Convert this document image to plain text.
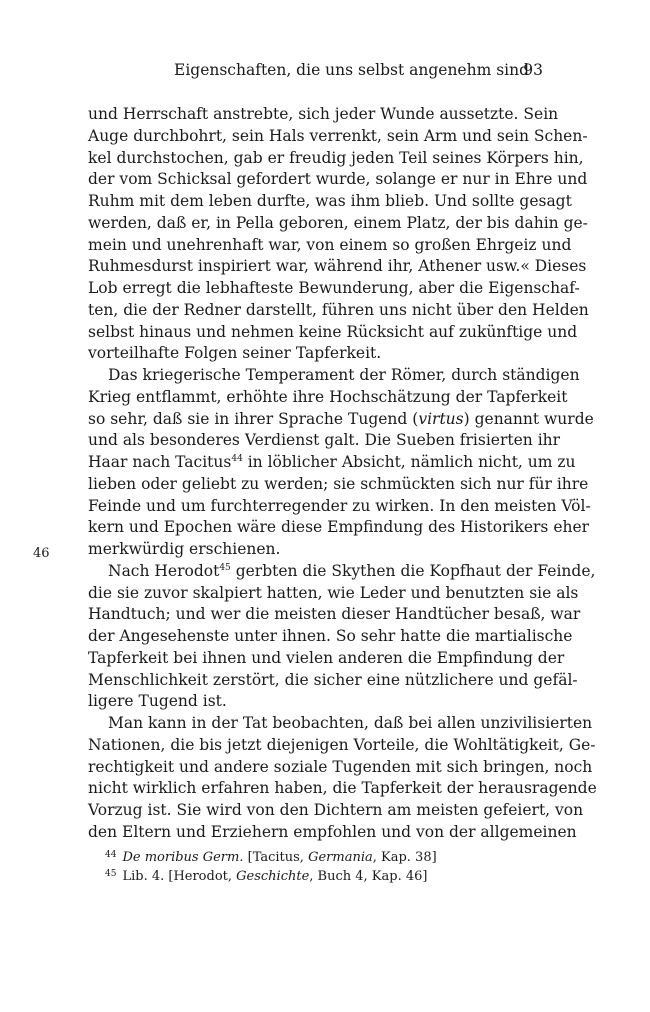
Eigenschaften, die uns selbst angenehm sind
93
46

und Herrschaft anstrebte, sich jeder Wunde aussetzte. Sein
Auge durchbohrt, sein Hals verrenkt, sein Arm und sein Schen-
kel durchstochen, gab er freudig jeden Teil seines Körpers hin,
der vom Schicksal gefordert wurde, solange er nur in Ehre und
Ruhm mit dem leben durfte, was ihm blieb. Und sollte gesagt
werden, daß er, in Pella geboren, einem Platz, der bis dahin ge-
mein und unehrenhaft war, von einem so großen Ehrgeiz und
Ruhmesdurst inspiriert war, während ihr, Athener usw.« Dieses
Lob erregt die lebhafteste Bewunderung, aber die Eigenschaf-
ten, die der Redner darstellt, führen uns nicht über den Helden
selbst hinaus und nehmen keine Rücksicht auf zukünftige und
vorteilhafte Folgen seiner Tapferkeit.

Das kriegerische Temperament der Römer, durch ständigen
Krieg entflammt, erhöhte ihre Hochschätzung der Tapferkeit
so sehr, daß sie in ihrer Sprache Tugend (virtus) genannt wurde
und als besonderes Verdienst galt. Die Sueben frisierten ihr
Haar nach Tacitus$^{44}$ in löblicher Absicht, nämlich nicht, um zu
lieben oder geliebt zu werden; sie schmückten sich nur für ihre
Feinde und um furchterregender zu wirken. In den meisten Völ-
kern und Epochen wäre diese Empfindung des Historikers eher
merkwürdig erschienen.

Nach Herodot$^{45}$ gerbten die Skythen die Kopfhaut der Feinde,
die sie zuvor skalpiert hatten, wie Leder und benutzten sie als
Handtuch; und wer die meisten dieser Handtücher besaß, war
der Angesehenste unter ihnen. So sehr hatte die martialische
Tapferkeit bei ihnen und vielen anderen die Empfindung der
Menschlichkeit zerstört, die sicher eine nützlichere und gefäl-
ligere Tugend ist.

Man kann in der Tat beobachten, daß bei allen unzivilisierten
Nationen, die bis jetzt diejenigen Vorteile, die Wohltätigkeit, Ge-
rechtigkeit und andere soziale Tugenden mit sich bringen, noch
nicht wirklich erfahren haben, die Tapferkeit der herausragende
Vorzug ist. Sie wird von den Dichtern am meisten gefeiert, von
den Eltern und Erziehern empfohlen und von der allgemeinen

$^{44}$ De moribus Germ. [Tacitus, Germania, Kap. 38]
$^{45}$ Lib. 4. [Herodot, Geschichte, Buch 4, Kap. 46]
